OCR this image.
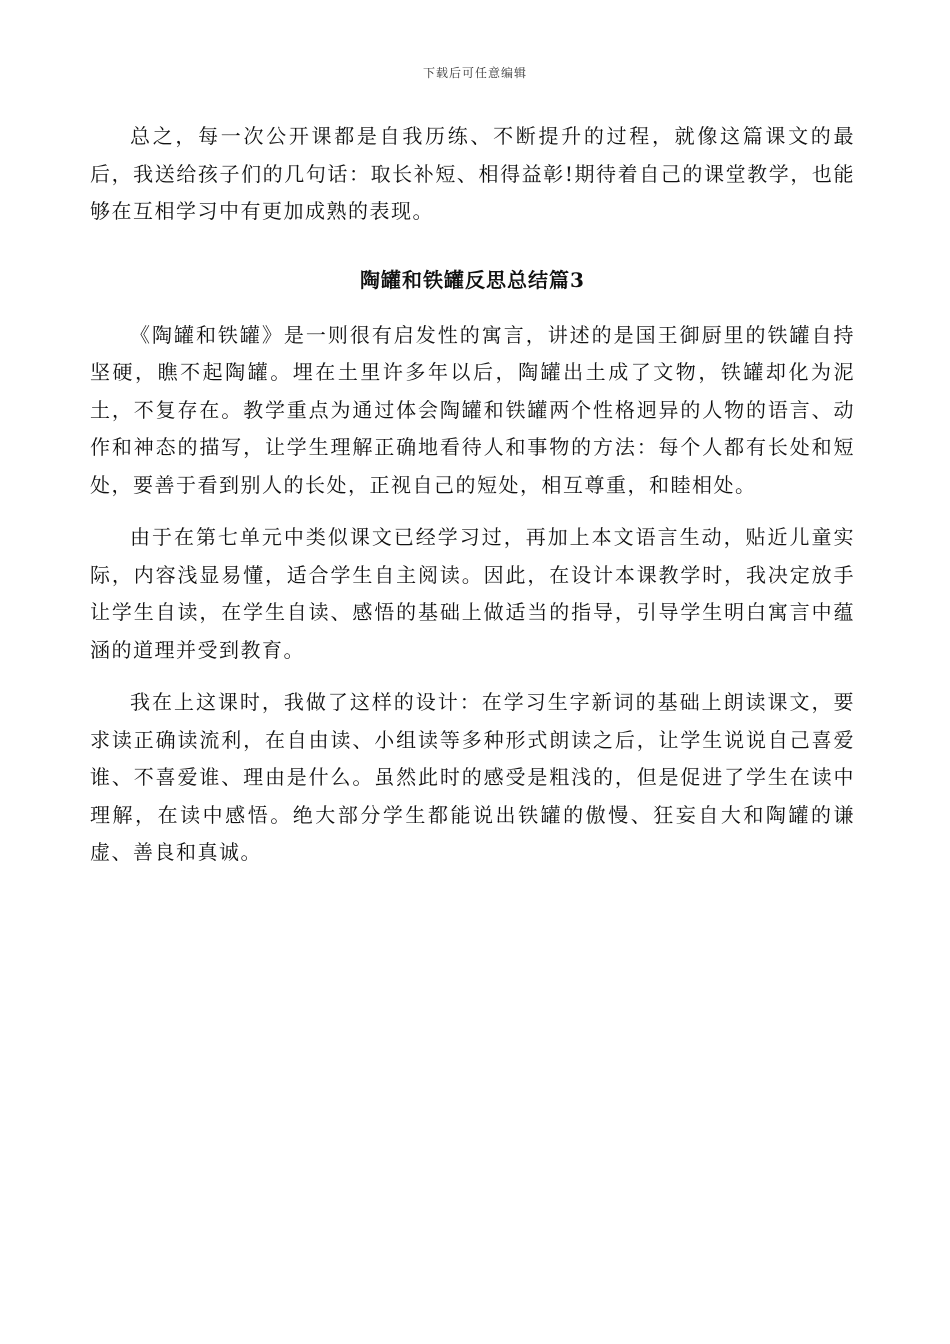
下载后可任意编辑

总之，每一次公开课都是自我历练、不断提升的过程，就像这篇课文的最后，我送给孩子们的几句话：取长补短、相得益彰!期待着自己的课堂教学，也能够在互相学习中有更加成熟的表现。

陶罐和铁罐反思总结篇3

《陶罐和铁罐》是一则很有启发性的寓言，讲述的是国王御厨里的铁罐自持坚硬，瞧不起陶罐。埋在土里许多年以后，陶罐出土成了文物，铁罐却化为泥土，不复存在。教学重点为通过体会陶罐和铁罐两个性格迥异的人物的语言、动作和神态的描写，让学生理解正确地看待人和事物的方法：每个人都有长处和短处，要善于看到别人的长处，正视自己的短处，相互尊重，和睦相处。

由于在第七单元中类似课文已经学习过，再加上本文语言生动，贴近儿童实际，内容浅显易懂，适合学生自主阅读。因此，在设计本课教学时，我决定放手让学生自读，在学生自读、感悟的基础上做适当的指导，引导学生明白寓言中蕴涵的道理并受到教育。

我在上这课时，我做了这样的设计：在学习生字新词的基础上朗读课文，要求读正确读流利，在自由读、小组读等多种形式朗读之后，让学生说说自己喜爱谁、不喜爱谁、理由是什么。虽然此时的感受是粗浅的，但是促进了学生在读中理解，在读中感悟。绝大部分学生都能说出铁罐的傲慢、狂妄自大和陶罐的谦虚、善良和真诚。
